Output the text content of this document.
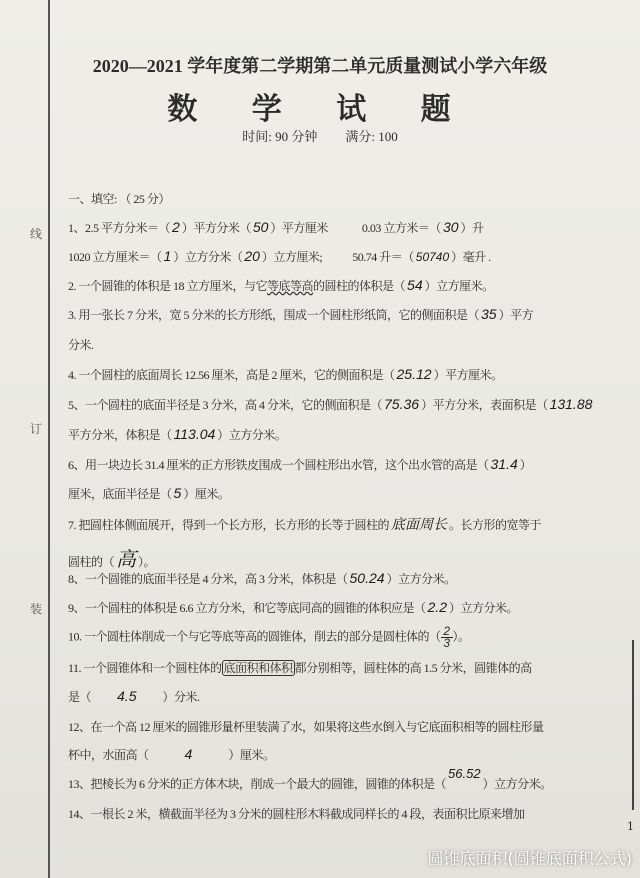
线
订
装
2020—2021 学年度第二学期第二单元质量测试小学六年级
数 学 试 题
时间: 90 分钟 满分: 100
一、填空: （ 25 分）
1、2.5 平方分米＝（ 2 ）平方分米（ 50 ）平方厘米	0.03 立方米＝（ 30 ）升
1020 立方厘米＝（ 1 ）立方分米（ 20 ）立方厘米;	50.74 升＝（ 50740 ）毫升 .
2. 一个圆锥的体积是 18 立方厘米，与它等底等高的圆柱的体积是（ 54 ）立方厘米。
3. 用一张长 7 分米，宽 5 分米的长方形纸，围成一个圆柱形纸筒，它的侧面积是（ 35 ）平方
分米.
4. 一个圆柱的底面周长 12.56 厘米，高是 2 厘米，它的侧面积是（ 25.12 ）平方厘米。
5、一个圆柱的底面半径是 3 分米，高 4 分米，它的侧面积是（ 75.36 ）平方分米，表面积是（ 131.88
平方分米，体积是（ 113.04 ）立方分米。
6、用一块边长 31.4 厘米的正方形铁皮围成一个圆柱形出水管，这个出水管的高是（ 31.4 ）
厘米，底面半径是（ 5 ）厘米。
7. 把圆柱体侧面展开，得到一个长方形，长方形的长等于圆柱的 底面周长 。长方形的宽等于
圆柱的（ 高 ）。
8、一个圆锥的底面半径是 4 分米，高 3 分米，体积是（ 50.24 ）立方分米。
9、一个圆柱的体积是 6.6 立方分米，和它等底同高的圆锥的体积应是（ 2.2 ）立方分米。
10. 一个圆柱体削成一个与它等底等高的圆锥体，削去的部分是圆柱体的（ $\frac{2}{3}$ ）。
11. 一个圆锥体和一个圆柱体的 底面积和体积 都分别相等，圆柱体的高 1.5 分米，圆锥体的高
是（ 4.5 ）分米.
12、在一个高 12 厘米的圆锥形量杯里装满了水，如果将这些水倒入与它底面积相等的圆柱形量
杯中，水面高（	4	）厘米。
13、把棱长为 6 分米的正方体木块，削成一个最大的圆锥，圆锥的体积是（56.52）立方分米。
14、一根长 2 米，横截面半径为 3 分米的圆柱形木料截成同样长的 4 段，表面积比原来增加
1
圆锥底面积(圆锥底面积公式)
